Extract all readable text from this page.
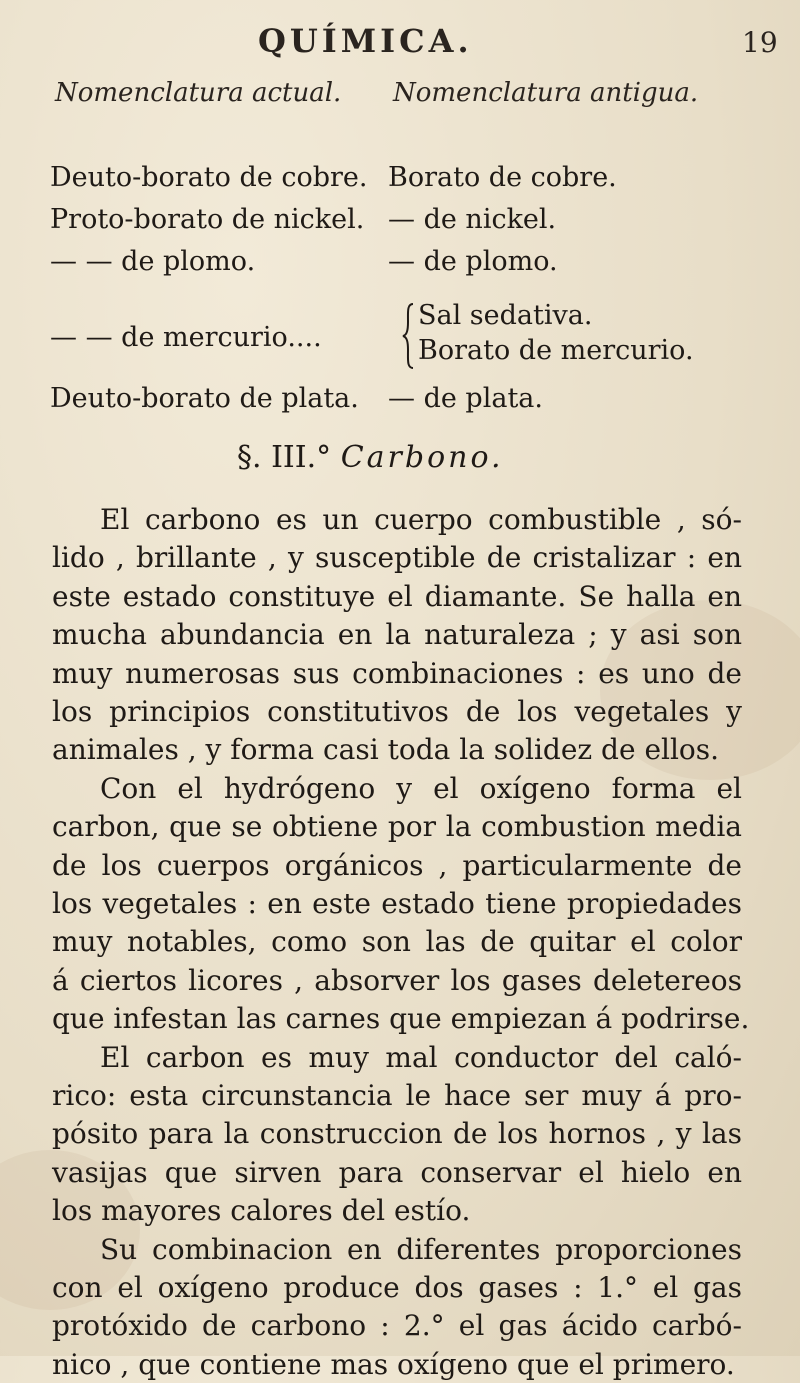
QUÍMICA.	19
Nomenclatura actual. Nomenclatura antigua.
Deuto-borato de cobre. Borato de cobre.
Proto-borato de nickel. — de nickel.
— — de plomo.	— de plomo.
— — de mercurio....
Sal sedativa.
Borato de mercurio.
Deuto-borato de plata. — de plata.
§. III.° Carbono.
El carbono es un cuerpo combustible , só-
lido , brillante , y susceptible de cristalizar : en
este estado constituye el diamante. Se halla en
mucha abundancia en la naturaleza ; y asi son
muy numerosas sus combinaciones : es uno de
los principios constitutivos de los vegetales y
animales , y forma casi toda la solidez de ellos.
Con el hydrógeno y el oxígeno forma el
carbon, que se obtiene por la combustion media
de los cuerpos orgánicos , particularmente de
los vegetales : en este estado tiene propiedades
muy notables, como son las de quitar el color
á ciertos licores , absorver los gases deletereos
que infestan las carnes que empiezan á podrirse.
El carbon es muy mal conductor del caló-
rico: esta circunstancia le hace ser muy á pro-
pósito para la construccion de los hornos , y las
vasijas que sirven para conservar el hielo en
los mayores calores del estío.
Su combinacion en diferentes proporciones
con el oxígeno produce dos gases : 1.° el gas
protóxido de carbono : 2.° el gas ácido carbó-
nico , que contiene mas oxígeno que el primero.
